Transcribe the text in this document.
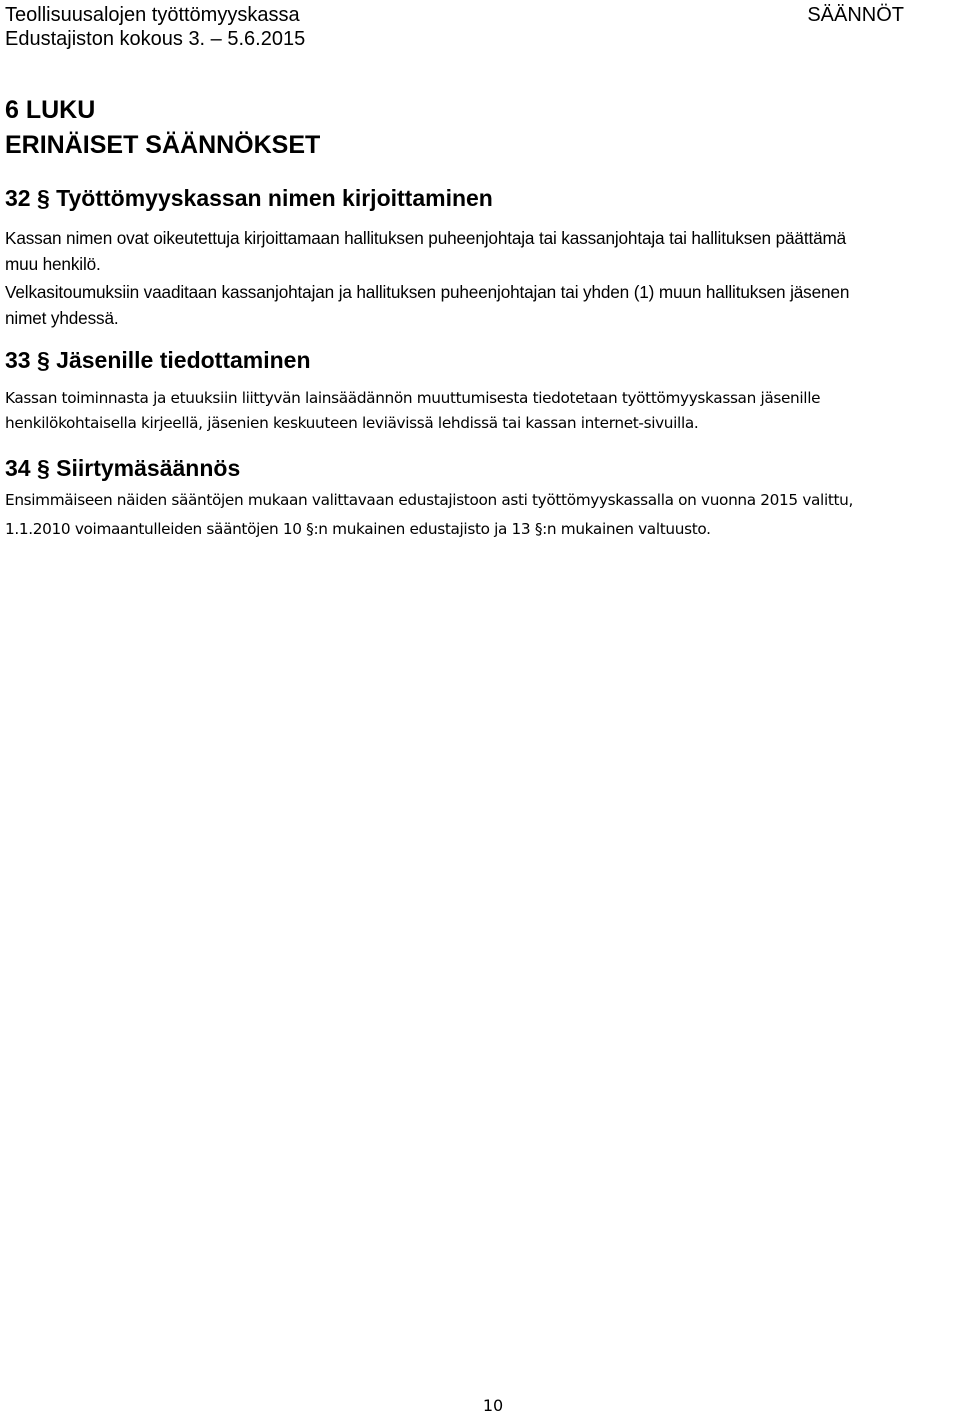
Teollisuusalojen työttömyyskassa
Edustajiston kokous 3. – 5.6.2015
SÄÄNNÖT
6 LUKU
ERINÄISET SÄÄNNÖKSET
32 § Työttömyyskassan nimen kirjoittaminen
Kassan nimen ovat oikeutettuja kirjoittamaan hallituksen puheenjohtaja tai kassanjohtaja tai hallituksen päättämä
muu henkilö.
Velkasitoumuksiin vaaditaan kassanjohtajan ja hallituksen puheenjohtajan tai yhden (1) muun hallituksen jäsenen
nimet yhdessä.
33 § Jäsenille tiedottaminen
Kassan toiminnasta ja etuuksiin liittyvän lainsäädännön muuttumisesta tiedotetaan työttömyyskassan jäsenille
henkilökohtaisella kirjeellä, jäsenien keskuuteen leviävissä lehdissä tai kassan internet-sivuilla.
34 § Siirtymäsäännös
Ensimmäiseen näiden sääntöjen mukaan valittavaan edustajistoon asti työttömyyskassalla on vuonna 2015 valittu,
1.1.2010 voimaantulleiden sääntöjen 10 §:n mukainen edustajisto ja 13 §:n mukainen valtuusto.
10
